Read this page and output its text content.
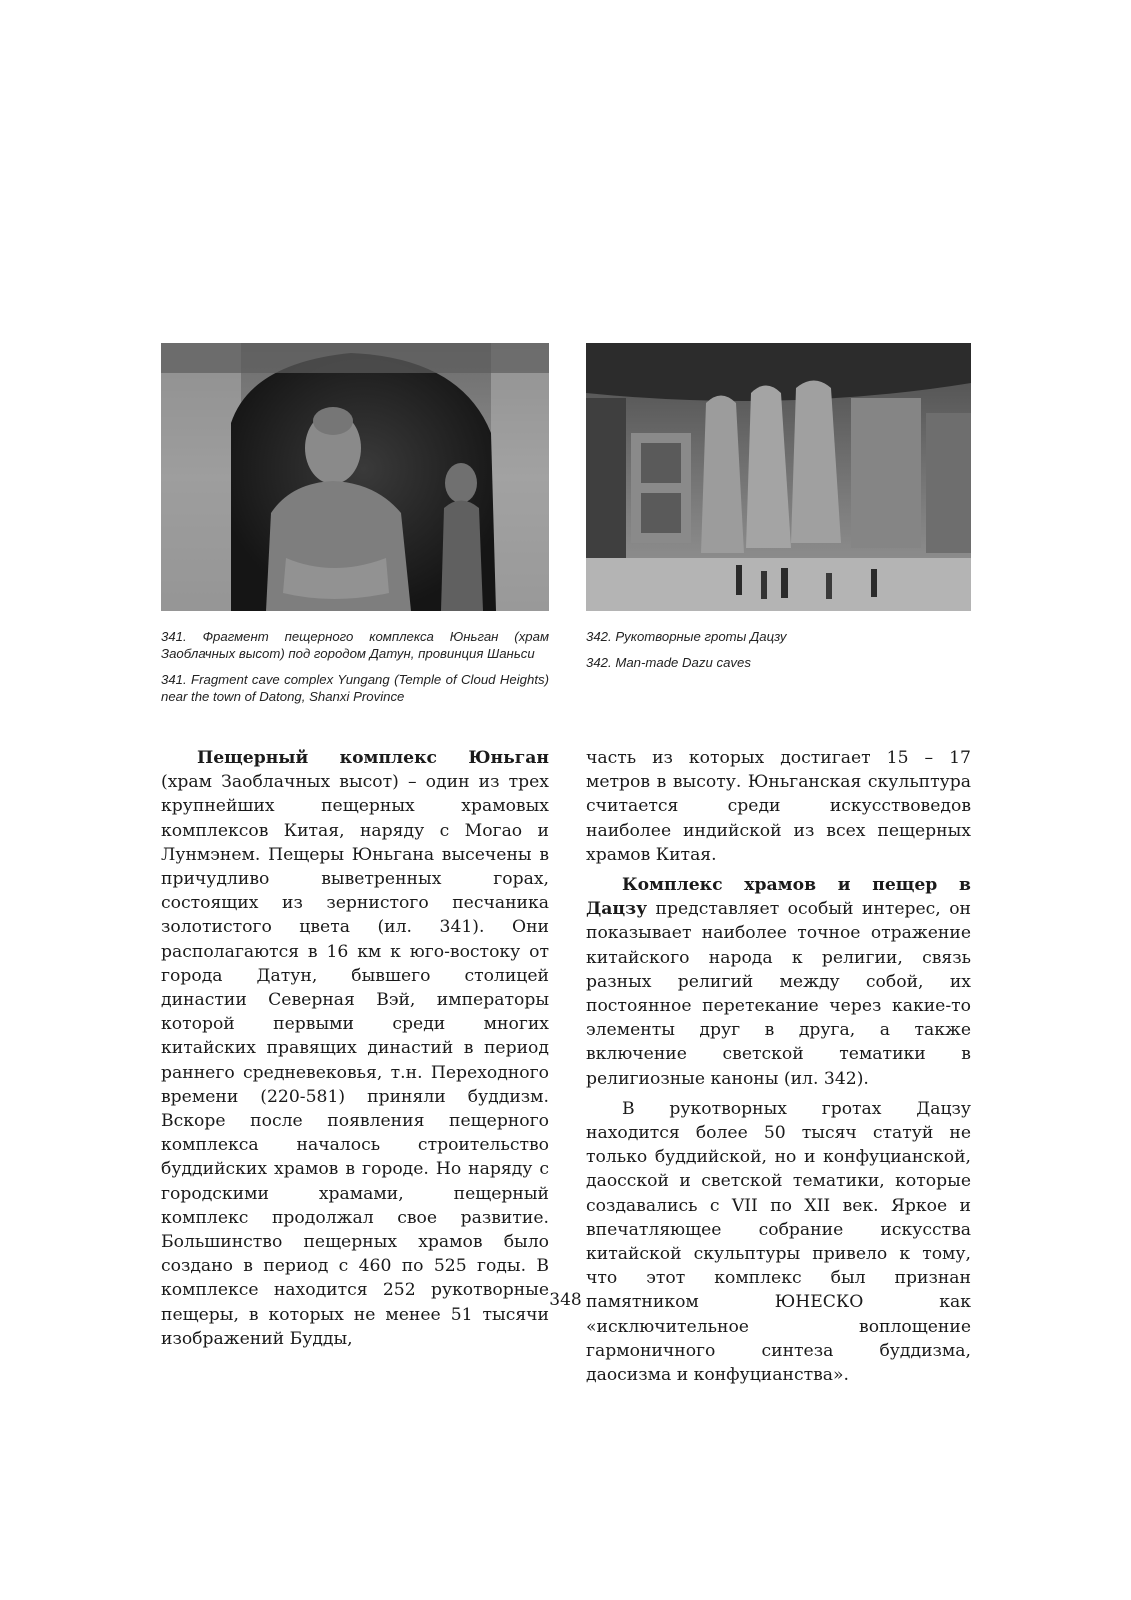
341. Фрагмент пещерного комплекса Юньган (храм Заоблачных высот) под городом Датун, провинция Шаньси

341. Fragment cave complex Yungang (Temple of Cloud Heights) near the town of Datong, Shanxi Province

342. Рукотворные гроты Дацзу

342. Man-made Dazu caves

Пещерный комплекс Юньган (храм Заоблачных высот) – один из трех крупнейших пещерных храмовых комплексов Китая, наряду с Могао и Лунмэнем. Пещеры Юньгана высечены в причудливо выветренных горах, состоящих из зернистого песчаника золотистого цвета (ил. 341). Они располагаются в 16 км к юго-востоку от города Датун, бывшего столицей династии Северная Вэй, императоры которой первыми среди многих китайских правящих династий в период раннего средневековья, т.н. Переходного времени (220-581) приняли буддизм. Вскоре после появления пещерного комплекса началось строительство буддийских храмов в городе. Но наряду с городскими храмами, пещерный комплекс продолжал свое развитие. Большинство пещерных храмов было создано в период с 460 по 525 годы. В комплексе находится 252 рукотворные пещеры, в которых не менее 51 тысячи изображений Будды,

часть из которых достигает 15 – 17 метров в высоту. Юньганская скульптура считается среди искусствоведов наиболее индийской из всех пещерных храмов Китая.

Комплекс храмов и пещер в Дацзу представляет особый интерес, он показывает наиболее точное отражение китайского народа к религии, связь разных религий между собой, их постоянное перетекание через какие-то элементы друг в друга, а также включение светской тематики в религиозные каноны (ил. 342).

В рукотворных гротах Дацзу находится более 50 тысяч статуй не только буддийской, но и конфуцианской, даосской и светской тематики, которые создавались с VII по XII век. Яркое и впечатляющее собрание искусства китайской скульптуры привело к тому, что этот комплекс был признан памятником ЮНЕСКО как «исключительное воплощение гармоничного синтеза буддизма, даосизма и конфуцианства».

348
